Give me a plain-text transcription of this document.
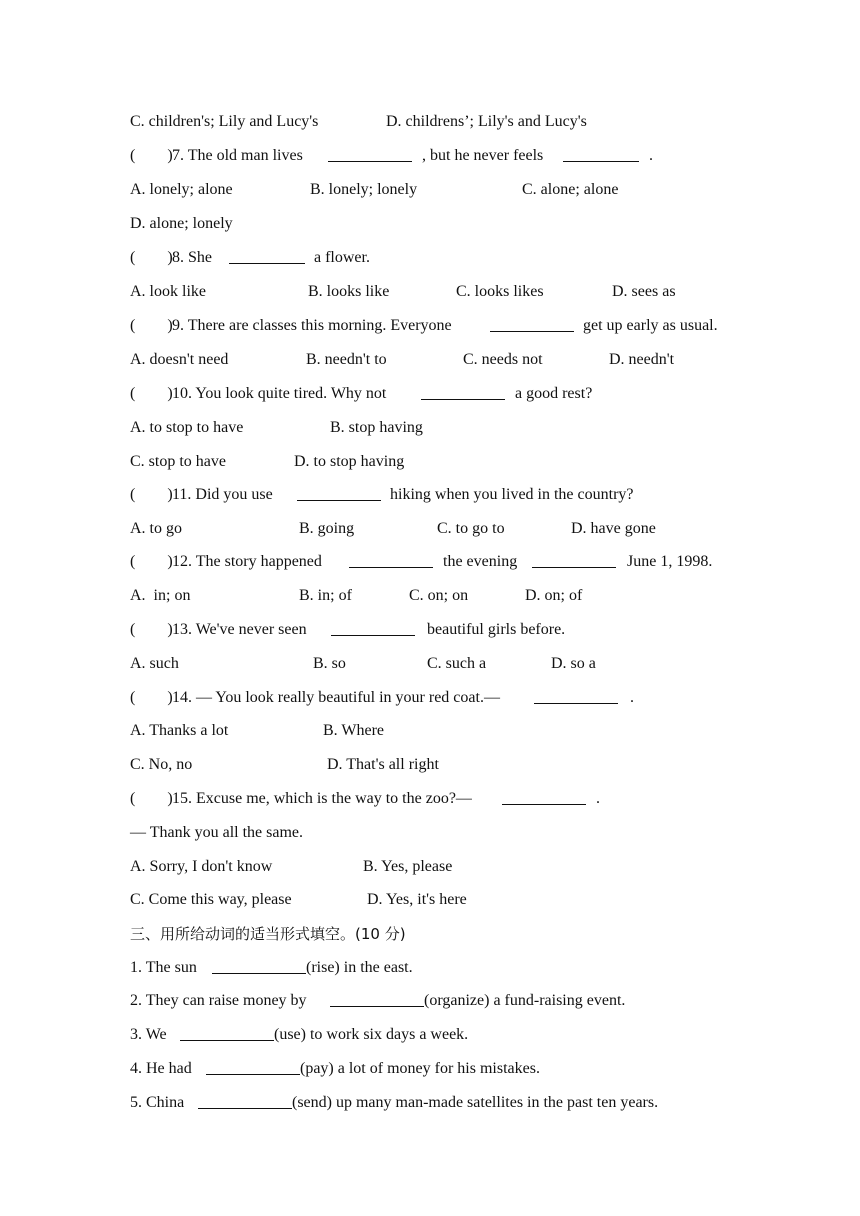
C. children's; Lily and Lucy's

	D. childrens’; Lily's and Lucy's

(        )

7. The old man lives

	, but he never feels

	.

A. lonely; alone

	B. lonely; lonely

	C. alone; alone

D. alone; lonely

(        )

8. She

	a flower.

A. look like

	B. looks like

	C. looks likes

	D. sees as

(        )

9. There are classes this morning. Everyone

	get up early as usual.

A. doesn't need

	B. needn't to

	C. needs not

	D. needn't

(        )

10. You look quite tired. Why not

	a good rest?

A. to stop to have

	B. stop having

C. stop to have

	D. to stop having

(        )

11. Did you use

	hiking when you lived in the country?

A. to go

	B. going

	C. to go to

	D. have gone

(        )

12. The story happened

	the evening

	June 1, 1998.

A.  in; on

	B. in; of

	C. on; on

	D. on; of

(        )

13. We've never seen

	beautiful girls before.

A. such

	B. so

	C. such a

	D. so a

(        )

14. — You look really beautiful in your red coat.—

	.

A. Thanks a lot

	B. Where

C. No, no

	D. That's all right

(        )

15. Excuse me, which is the way to the zoo?—

	.

— Thank you all the same.

A. Sorry, I don't know

	B. Yes, please

C. Come this way, please

	D. Yes, it's here

三、用所给动词的适当形式填空。(10 分)

1. The sun

	(rise) in the east.

2. They can raise money by

	(organize) a fund-raising event.

3. We

	(use) to work six days a week.

4. He had

	(pay) a lot of money for his mistakes.

5. China

	(send) up many man-made satellites in the past ten years.
